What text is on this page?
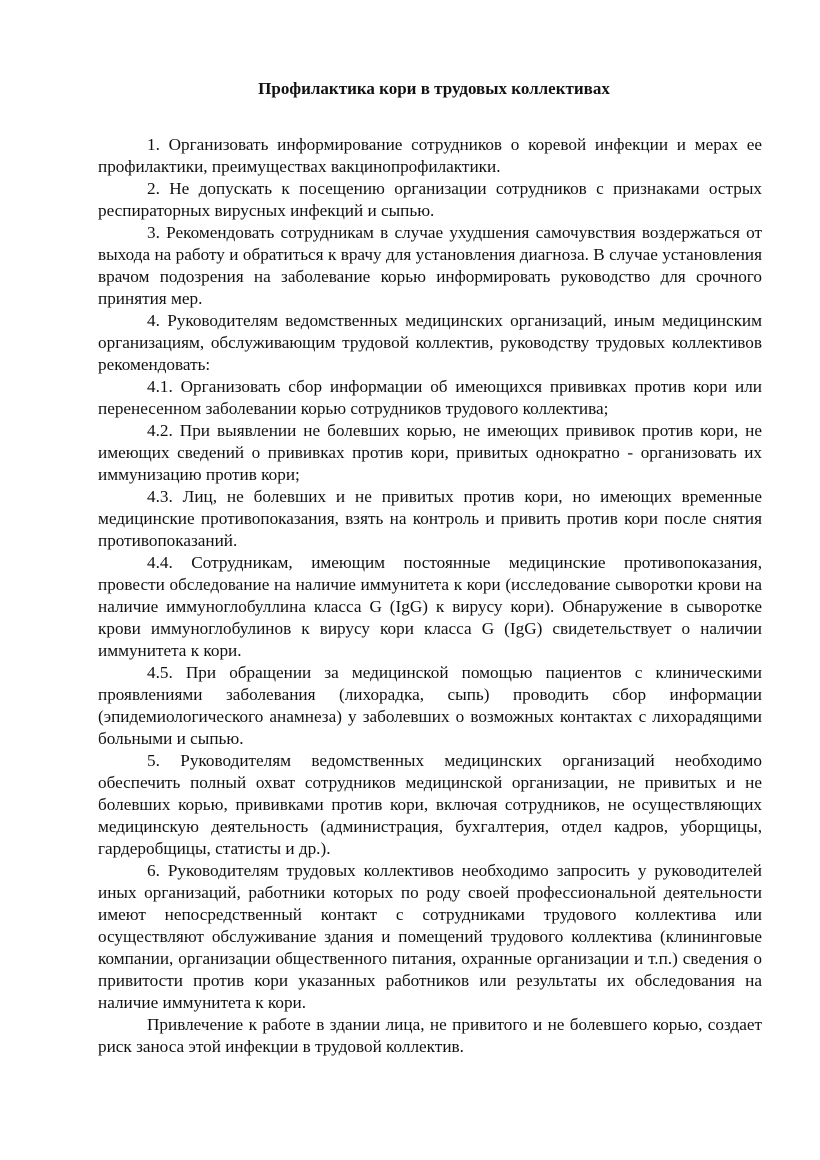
Профилактика кори в трудовых коллективах

1. Организовать информирование сотрудников о коревой инфекции и мерах ее профилактики, преимуществах вакцинопрофилактики.

2. Не допускать к посещению организации сотрудников с признаками острых респираторных вирусных инфекций и сыпью.

3. Рекомендовать сотрудникам в случае ухудшения самочувствия воздержаться от выхода на работу и обратиться к врачу для установления диагноза. В случае установления врачом подозрения на заболевание корью информировать руководство для срочного принятия мер.

4. Руководителям ведомственных медицинских организаций, иным медицинским организациям, обслуживающим трудовой коллектив, руководству трудовых коллективов рекомендовать:

4.1. Организовать сбор информации об имеющихся прививках против кори или перенесенном заболевании корью сотрудников трудового коллектива;

4.2. При выявлении не болевших корью, не имеющих прививок против кори, не имеющих сведений о прививках против кори, привитых однократно - организовать их иммунизацию против кори;

4.3. Лиц, не болевших и не привитых против кори, но имеющих временные медицинские противопоказания, взять на контроль и привить против кори после снятия противопоказаний.

4.4. Сотрудникам, имеющим постоянные медицинские противопоказания, провести обследование на наличие иммунитета к кори (исследование сыворотки крови на наличие иммуноглобуллина класса G (IgG) к вирусу кори). Обнаружение в сыворотке крови иммуноглобулинов к вирусу кори класса G (IgG) свидетельствует о наличии иммунитета к кори.

4.5. При обращении за медицинской помощью пациентов с клиническими проявлениями заболевания (лихорадка, сыпь) проводить сбор информации (эпидемиологического анамнеза) у заболевших о возможных контактах с лихорадящими больными и сыпью.

5. Руководителям ведомственных медицинских организаций необходимо обеспечить полный охват сотрудников медицинской организации, не привитых и не болевших корью, прививками против кори, включая сотрудников, не осуществляющих медицинскую деятельность (администрация, бухгалтерия, отдел кадров, уборщицы, гардеробщицы, статисты и др.).

6. Руководителям трудовых коллективов необходимо запросить у руководителей иных организаций, работники которых по роду своей профессиональной деятельности имеют непосредственный контакт с сотрудниками трудового коллектива или осуществляют обслуживание здания и помещений трудового коллектива (клининговые компании, организации общественного питания, охранные организации и т.п.) сведения о привитости против кори указанных работников или результаты их обследования на наличие иммунитета к кори.

Привлечение к работе в здании лица, не привитого и не болевшего корью, создает риск заноса этой инфекции в трудовой коллектив.
